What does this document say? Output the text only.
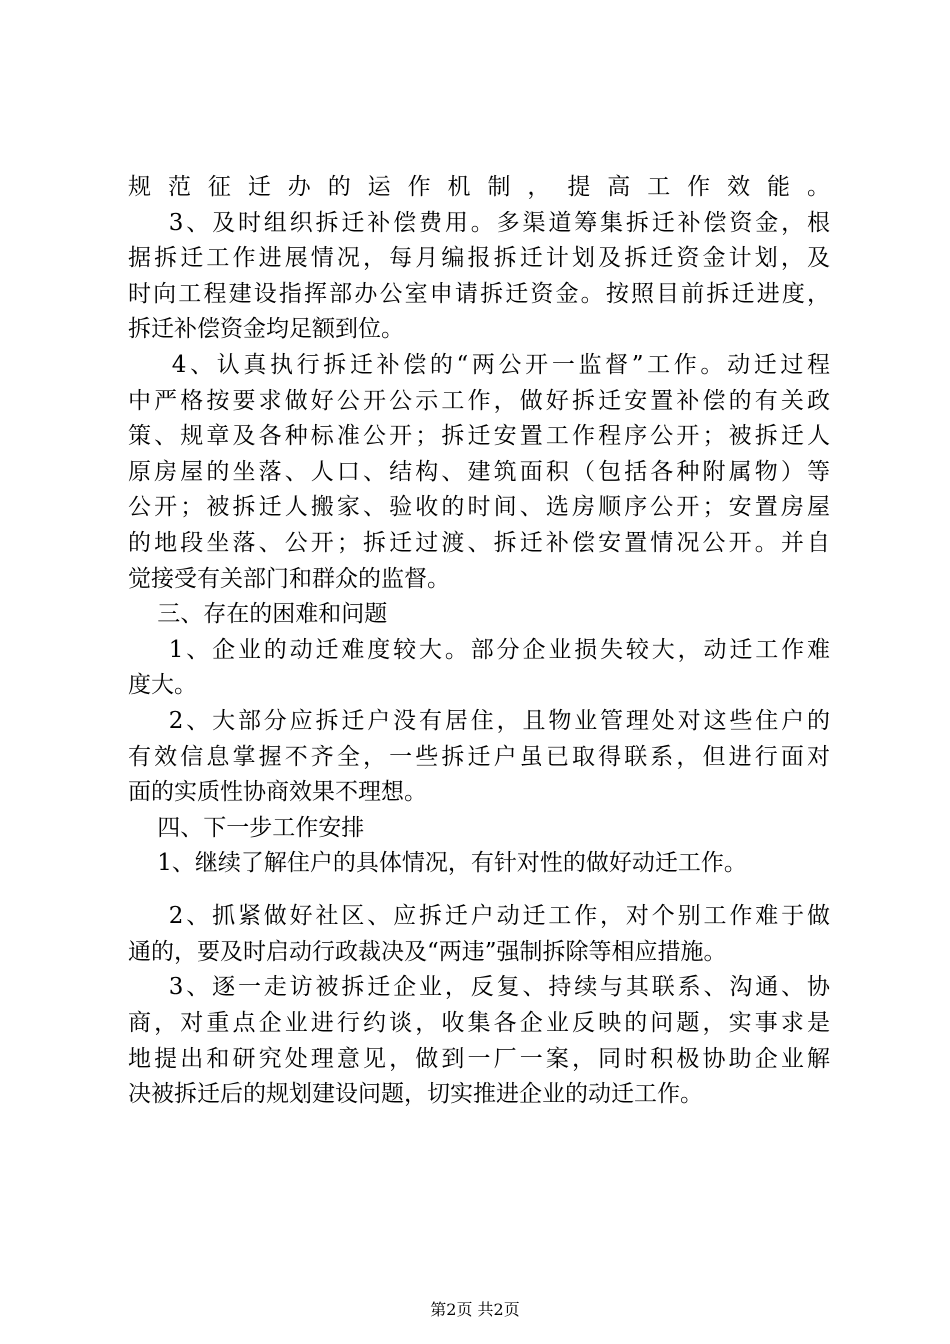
规范征迁办的运作机制，提高工作效能。
3、及时组织拆迁补偿费用。多渠道筹集拆迁补偿资金，根
据拆迁工作进展情况，每月编报拆迁计划及拆迁资金计划，及
时向工程建设指挥部办公室申请拆迁资金。按照目前拆迁进度，
拆迁补偿资金均足额到位。
4、认真执行拆迁补偿的“两公开一监督”工作。动迁过程
中严格按要求做好公开公示工作，做好拆迁安置补偿的有关政
策、规章及各种标准公开；拆迁安置工作程序公开；被拆迁人
原房屋的坐落、人口、结构、建筑面积（包括各种附属物）等
公开；被拆迁人搬家、验收的时间、选房顺序公开；安置房屋
的地段坐落、公开；拆迁过渡、拆迁补偿安置情况公开。并自
觉接受有关部门和群众的监督。
三、存在的困难和问题
1、企业的动迁难度较大。部分企业损失较大，动迁工作难
度大。
2、大部分应拆迁户没有居住，且物业管理处对这些住户的
有效信息掌握不齐全，一些拆迁户虽已取得联系，但进行面对
面的实质性协商效果不理想。
四、下一步工作安排
1、继续了解住户的具体情况，有针对性的做好动迁工作。
2、抓紧做好社区、应拆迁户动迁工作，对个别工作难于做
通的，要及时启动行政裁决及“两违”强制拆除等相应措施。
3、逐一走访被拆迁企业，反复、持续与其联系、沟通、协
商，对重点企业进行约谈，收集各企业反映的问题，实事求是
地提出和研究处理意见，做到一厂一案，同时积极协助企业解
决被拆迁后的规划建设问题，切实推进企业的动迁工作。
第2页 共2页
